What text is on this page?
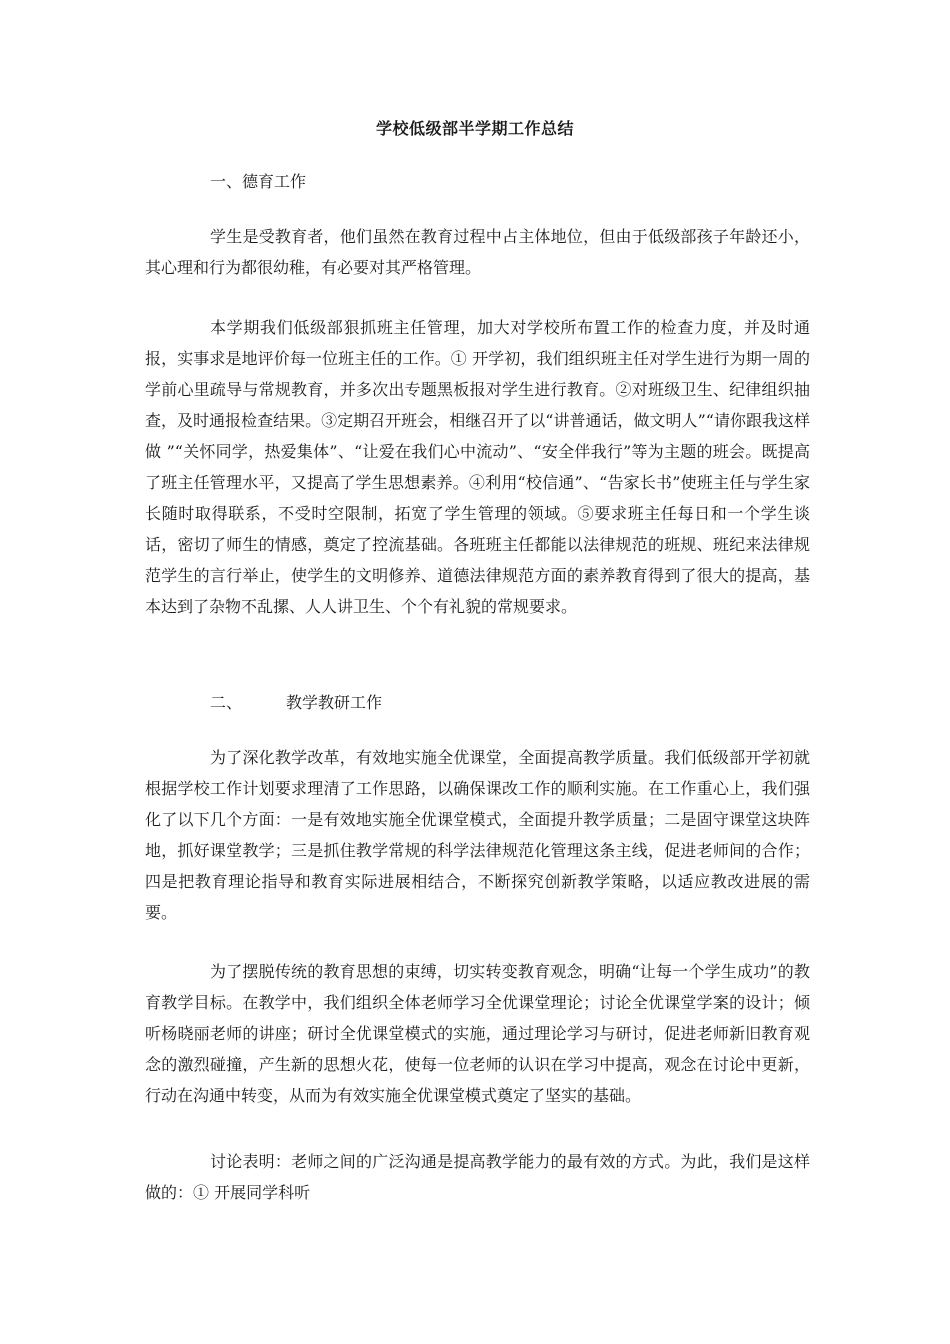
学校低级部半学期工作总结
一、德育工作

学生是受教育者，他们虽然在教育过程中占主体地位，但由于低级部孩子年龄还小，其心理和行为都很幼稚，有必要对其严格管理。

本学期我们低级部狠抓班主任管理，加大对学校所布置工作的检查力度，并及时通报，实事求是地评价每一位班主任的工作。① 开学初，我们组织班主任对学生进行为期一周的学前心里疏导与常规教育，并多次出专题黑板报对学生进行教育。②对班级卫生、纪律组织抽查，及时通报检查结果。③定期召开班会，相继召开了以“讲普通话，做文明人”“请你跟我这样做 ”“关怀同学，热爱集体”、“让爱在我们心中流动”、“安全伴我行”等为主题的班会。既提高了班主任管理水平，又提高了学生思想素养。④利用“校信通”、“告家长书”使班主任与学生家长随时取得联系，不受时空限制，拓宽了学生管理的领域。⑤要求班主任每日和一个学生谈话，密切了师生的情感，奠定了控流基础。各班班主任都能以法律规范的班规、班纪来法律规范学生的言行举止，使学生的文明修养、道德法律规范方面的素养教育得到了很大的提高，基本达到了杂物不乱摞、人人讲卫生、个个有礼貌的常规要求。

二、	教学教研工作

为了深化教学改革，有效地实施全优课堂，全面提高教学质量。我们低级部开学初就根据学校工作计划要求理清了工作思路，以确保课改工作的顺利实施。在工作重心上，我们强化了以下几个方面：一是有效地实施全优课堂模式，全面提升教学质量；二是固守课堂这块阵地，抓好课堂教学；三是抓住教学常规的科学法律规范化管理这条主线，促进老师间的合作；四是把教育理论指导和教育实际进展相结合，不断探究创新教学策略，以适应教改进展的需要。

为了摆脱传统的教育思想的束缚，切实转变教育观念，明确“让每一个学生成功”的教育教学目标。在教学中，我们组织全体老师学习全优课堂理论；讨论全优课堂学案的设计；倾听杨晓丽老师的讲座；研讨全优课堂模式的实施，通过理论学习与研讨，促进老师新旧教育观念的激烈碰撞，产生新的思想火花，使每一位老师的认识在学习中提高，观念在讨论中更新，行动在沟通中转变，从而为有效实施全优课堂模式奠定了坚实的基础。

讨论表明：老师之间的广泛沟通是提高教学能力的最有效的方式。为此，我们是这样做的：① 开展同学科听
